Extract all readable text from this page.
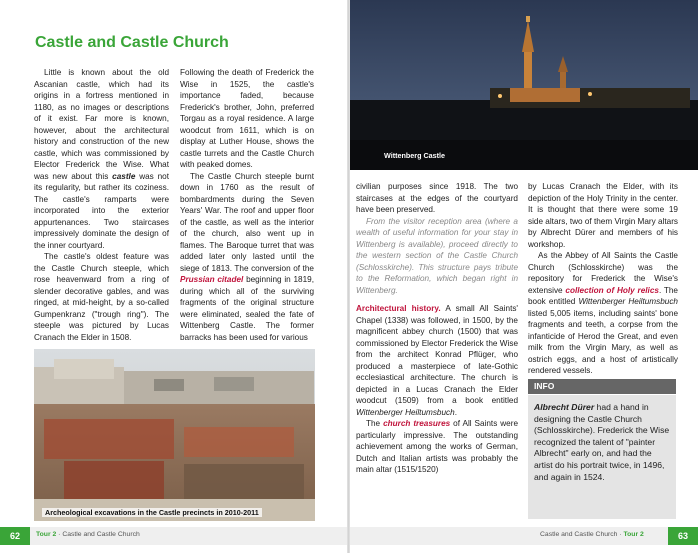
Castle and Castle Church

Little is known about the old Ascanian castle, which had its origins in a fortress mentioned in 1180, as no images or descriptions of it exist. Far more is known, however, about the architectural history and construction of the new castle, which was commissioned by Elector Frederick the Wise. What was new about this castle was not its regularity, but rather its coziness. The castle's ramparts were incorporated into the exterior appurtenances. Two staircases impressively dominate the design of the inner courtyard.

The castle's oldest feature was the Castle Church steeple, which rose heavenward from a ring of slender decorative gables, and was ringed, at mid-height, by a so-called Gumpenkranz ("trough ring"). The steeple was pictured by Lucas Cranach the Elder in 1508.

Following the death of Frederick the Wise in 1525, the castle's importance faded, because Frederick's brother, John, preferred Torgau as a royal residence. A large woodcut from 1611, which is on display at Luther House, shows the castle turrets and the Castle Church with peaked domes.

The Castle Church steeple burnt down in 1760 as the result of bombardments during the Seven Years' War. The roof and upper floor of the castle, as well as the interior of the church, also went up in flames. The Baroque turret that was added later only lasted until the siege of 1813. The conversion of the Prussian citadel beginning in 1819, during which all of the surviving fragments of the original structure were eliminated, sealed the fate of Wittenberg Castle. The former barracks has been used for various

Archeological excavations in the Castle precincts in 2010-2011
62	Tour 2 · Castle and Castle Church
Wittenberg Castle

civilian purposes since 1918. The two staircases at the edges of the courtyard have been preserved.

From the visitor reception area (where a wealth of useful information for your stay in Wittenberg is available), proceed directly to the western section of the Castle Church (Schlosskirche). This structure pays tribute to the Reformation, which began right in Wittenberg.

Architectural history. A small All Saints' Chapel (1338) was followed, in 1500, by the magnificent abbey church (1500) that was commissioned by Elector Frederick the Wise from the architect Konrad Pflüger, who produced a masterpiece of late-Gothic ecclesiastical architecture. The church is depicted in a Lucas Cranach the Elder woodcut (1509) from a book entitled Wittenberger Heiltumsbuch.

The church treasures of All Saints were particularly impressive. The outstanding achievement among the works of German, Dutch and Italian artists was probably the main altar (1515/1520)

by Lucas Cranach the Elder, with its depiction of the Holy Trinity in the center. It is thought that there were some 19 side altars, two of them Virgin Mary altars by Albrecht Dürer and members of his workshop.

As the Abbey of All Saints the Castle Church (Schlosskirche) was the repository for Frederick the Wise's extensive collection of Holy relics. The book entitled Wittenberger Heiltumsbuch listed 5,005 items, including saints' bone fragments and teeth, a corpse from the infanticide of Herod the Great, and even milk from the Virgin Mary, as well as ostrich eggs, and a host of artistically rendered vessels.

Castle and Castle Church · Tour 2	63
INFO
Albrecht Dürer had a hand in designing the Castle Church (Schlosskirche). Frederick the Wise recognized the talent of "painter Albrecht" early on, and had the artist do his portrait twice, in 1496, and again in 1524.
